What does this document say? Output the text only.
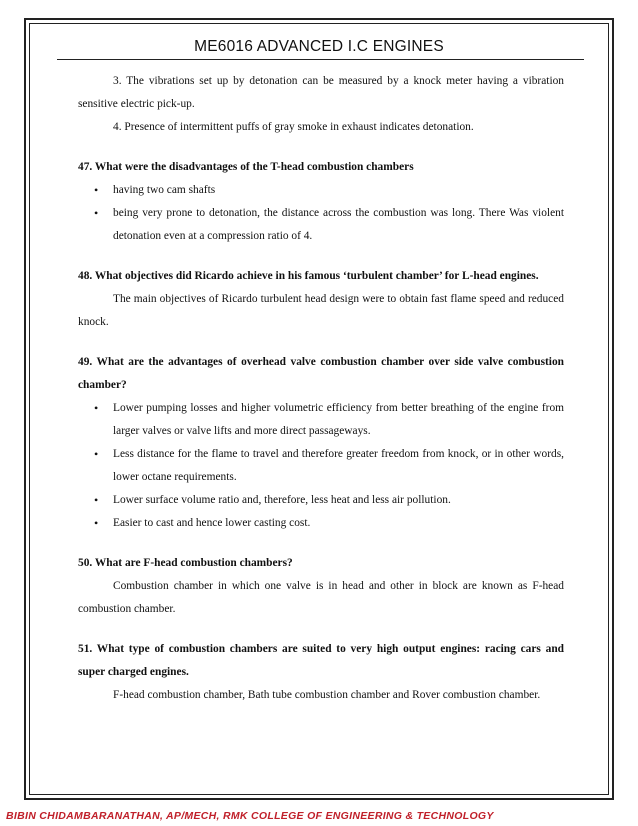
ME6016 ADVANCED I.C ENGINES

3. The vibrations set up by detonation can be measured by a knock meter having a vibration sensitive electric pick-up.

4. Presence of intermittent puffs of gray smoke in exhaust indicates detonation.

47. What were the disadvantages of the T-head combustion chambers

• having two cam shafts
• being very prone to detonation, the distance across the combustion was long. There Was violent detonation even at a compression ratio of 4.

48. What objectives did Ricardo achieve in his famous ‘turbulent chamber’ for L-head engines.

The main objectives of Ricardo turbulent head design were to obtain fast flame speed and reduced knock.

49. What are the advantages of overhead valve combustion chamber over side valve combustion chamber?

• Lower pumping losses and higher volumetric efficiency from better breathing of the engine from larger valves or valve lifts and more direct passageways.
• Less distance for the flame to travel and therefore greater freedom from knock, or in other words, lower octane requirements.
• Lower surface volume ratio and, therefore, less heat and less air pollution.
• Easier to cast and hence lower casting cost.

50. What are F-head combustion chambers?

Combustion chamber in which one valve is in head and other in block are known as F-head combustion chamber.

51. What type of combustion chambers are suited to very high output engines: racing cars and super charged engines.

F-head combustion chamber, Bath tube combustion chamber and Rover combustion chamber.

BIBIN CHIDAMBARANATHAN, AP/MECH, RMK COLLEGE OF ENGINEERING & TECHNOLOGY
